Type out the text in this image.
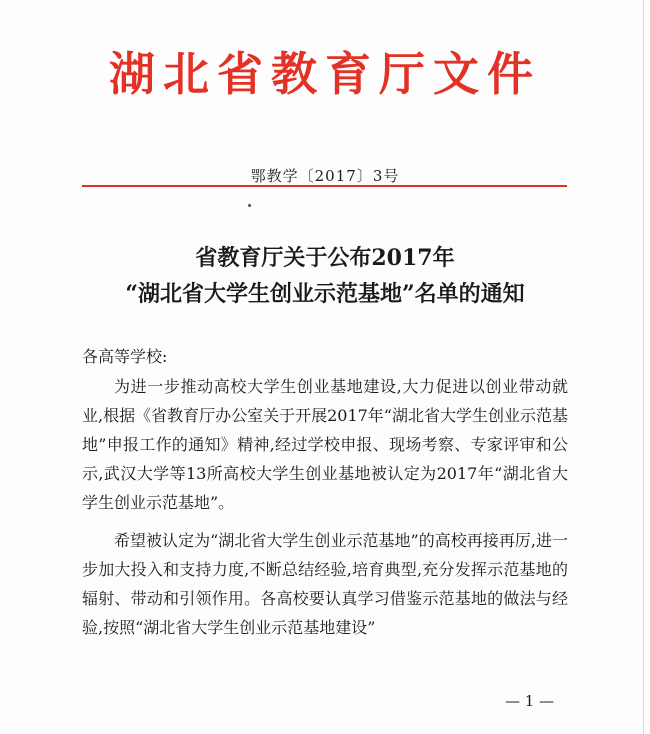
湖北省教育厅文件
鄂教学〔2017〕3号
省教育厅关于公布2017年
“湖北省大学生创业示范基地”名单的通知
各高等学校:

为进一步推动高校大学生创业基地建设,大力促进以创业带动就业,根据《省教育厅办公室关于开展2017年“湖北省大学生创业示范基地”申报工作的通知》精神,经过学校申报、现场考察、专家评审和公示,武汉大学等13所高校大学生创业基地被认定为2017年“湖北省大学生创业示范基地”。

希望被认定为“湖北省大学生创业示范基地”的高校再接再厉,进一步加大投入和支持力度,不断总结经验,培育典型,充分发挥示范基地的辐射、带动和引领作用。各高校要认真学习借鉴示范基地的做法与经验,按照“湖北省大学生创业示范基地建设”

— 1 —
